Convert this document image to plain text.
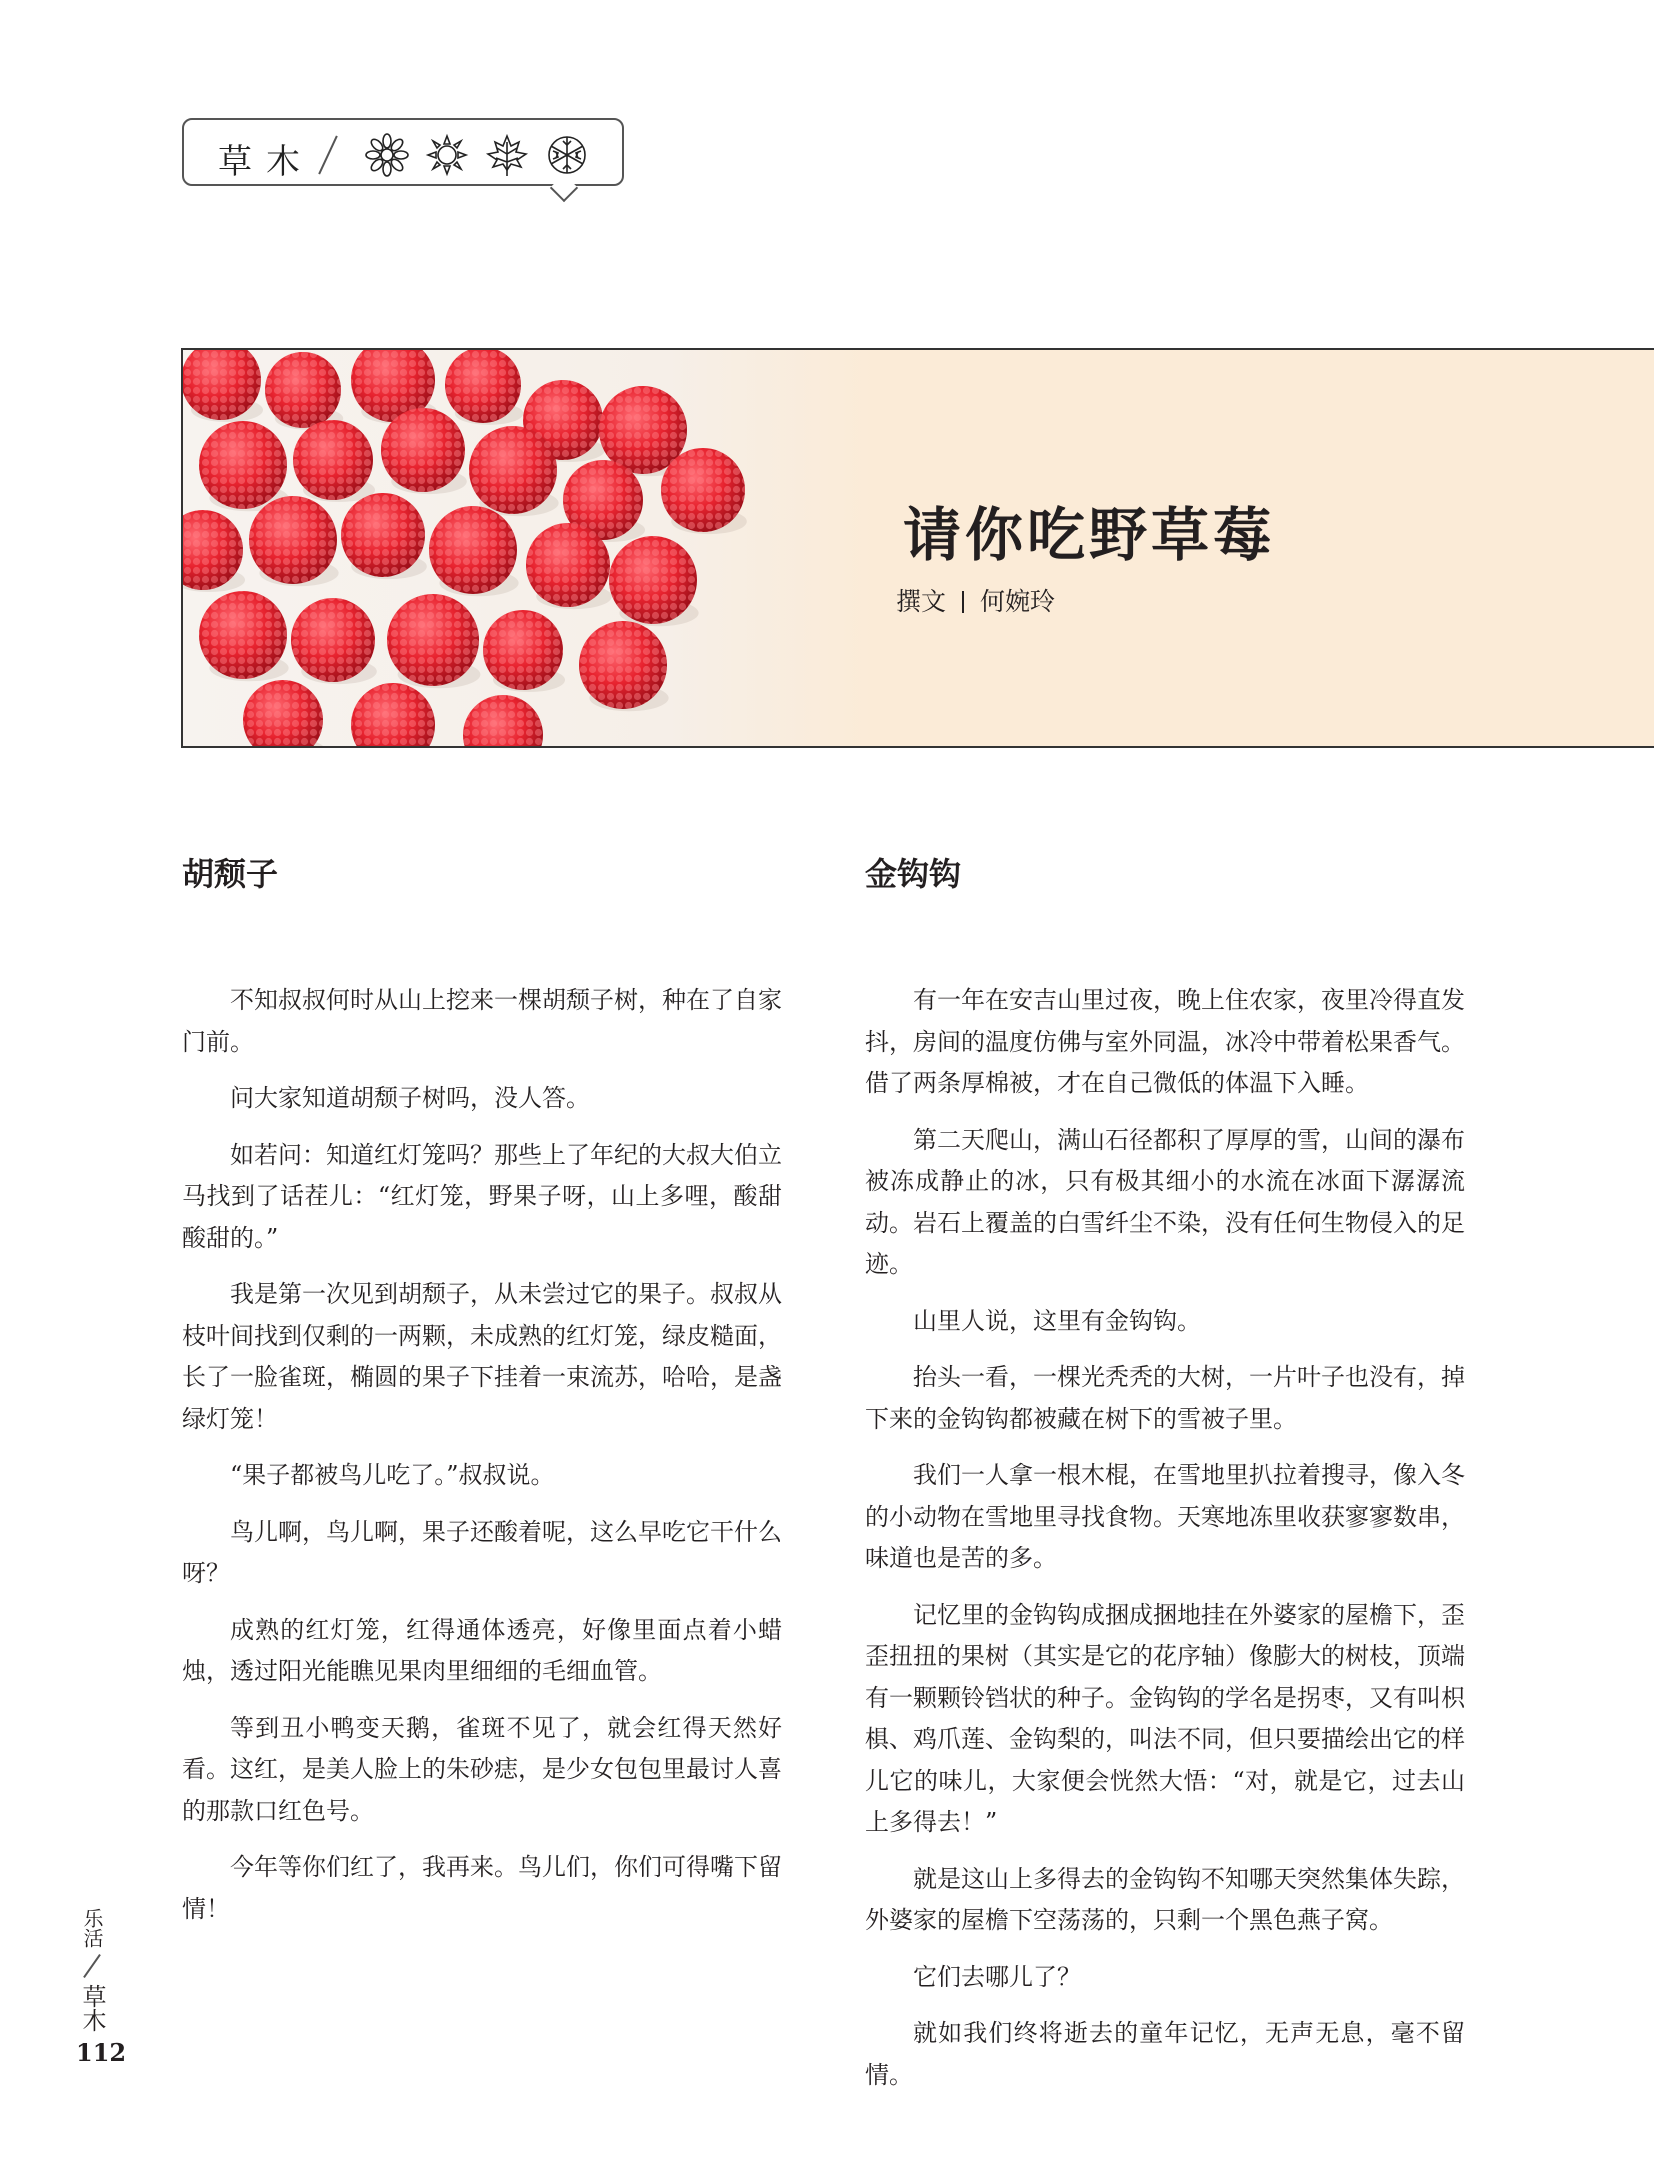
草木
请你吃野草莓
撰文 何婉玲
胡颓子

不知叔叔何时从山上挖来一棵胡颓子树，种在了自家门前。

问大家知道胡颓子树吗，没人答。

如若问：知道红灯笼吗？那些上了年纪的大叔大伯立马找到了话茬儿：“红灯笼，野果子呀，山上多哩，酸甜酸甜的。”

我是第一次见到胡颓子，从未尝过它的果子。叔叔从枝叶间找到仅剩的一两颗，未成熟的红灯笼，绿皮糙面，长了一脸雀斑，椭圆的果子下挂着一束流苏，哈哈，是盏绿灯笼！

“果子都被鸟儿吃了。”叔叔说。

鸟儿啊，鸟儿啊，果子还酸着呢，这么早吃它干什么呀？

成熟的红灯笼，红得通体透亮，好像里面点着小蜡烛，透过阳光能瞧见果肉里细细的毛细血管。

等到丑小鸭变天鹅，雀斑不见了，就会红得天然好看。这红，是美人脸上的朱砂痣，是少女包包里最讨人喜的那款口红色号。

今年等你们红了，我再来。鸟儿们，你们可得嘴下留情！

金钩钩

有一年在安吉山里过夜，晚上住农家，夜里冷得直发抖，房间的温度仿佛与室外同温，冰冷中带着松果香气。借了两条厚棉被，才在自己微低的体温下入睡。

第二天爬山，满山石径都积了厚厚的雪，山间的瀑布被冻成静止的冰，只有极其细小的水流在冰面下潺潺流动。岩石上覆盖的白雪纤尘不染，没有任何生物侵入的足迹。

山里人说，这里有金钩钩。

抬头一看，一棵光秃秃的大树，一片叶子也没有，掉下来的金钩钩都被藏在树下的雪被子里。

我们一人拿一根木棍，在雪地里扒拉着搜寻，像入冬的小动物在雪地里寻找食物。天寒地冻里收获寥寥数串，味道也是苦的多。

记忆里的金钩钩成捆成捆地挂在外婆家的屋檐下，歪歪扭扭的果树（其实是它的花序轴）像膨大的树枝，顶端有一颗颗铃铛状的种子。金钩钩的学名是拐枣，又有叫枳椇、鸡爪莲、金钩梨的，叫法不同，但只要描绘出它的样儿它的味儿，大家便会恍然大悟：“对，就是它，过去山上多得去！”

就是这山上多得去的金钩钩不知哪天突然集体失踪，外婆家的屋檐下空荡荡的，只剩一个黑色燕子窝。

它们去哪儿了？

就如我们终将逝去的童年记忆，无声无息，毫不留情。

乐活
草木
112
